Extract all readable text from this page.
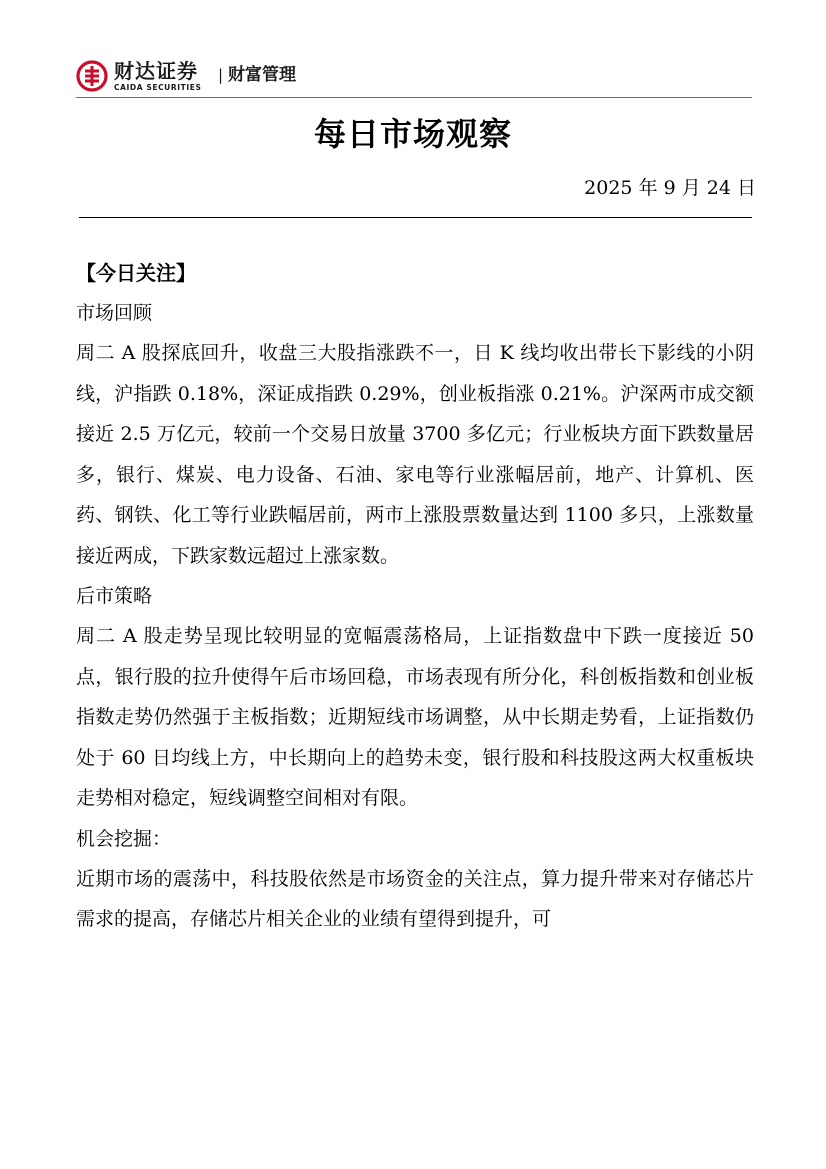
财达证券
CAIDA SECURITIES
| 财富管理
每日市场观察
2025 年 9 月 24 日

【今日关注】

市场回顾

周二 A 股探底回升，收盘三大股指涨跌不一，日 K 线均收出带长下影线的小阴线，沪指跌 0.18%，深证成指跌 0.29%，创业板指涨 0.21%。沪深两市成交额接近 2.5 万亿元，较前一个交易日放量 3700 多亿元；行业板块方面下跌数量居多，银行、煤炭、电力设备、石油、家电等行业涨幅居前，地产、计算机、医药、钢铁、化工等行业跌幅居前，两市上涨股票数量达到 1100 多只，上涨数量接近两成，下跌家数远超过上涨家数。

后市策略

周二 A 股走势呈现比较明显的宽幅震荡格局，上证指数盘中下跌一度接近 50 点，银行股的拉升使得午后市场回稳，市场表现有所分化，科创板指数和创业板指数走势仍然强于主板指数；近期短线市场调整，从中长期走势看，上证指数仍处于 60 日均线上方，中长期向上的趋势未变，银行股和科技股这两大权重板块走势相对稳定，短线调整空间相对有限。

机会挖掘：

近期市场的震荡中，科技股依然是市场资金的关注点，算力提升带来对存储芯片需求的提高，存储芯片相关企业的业绩有望得到提升，可
